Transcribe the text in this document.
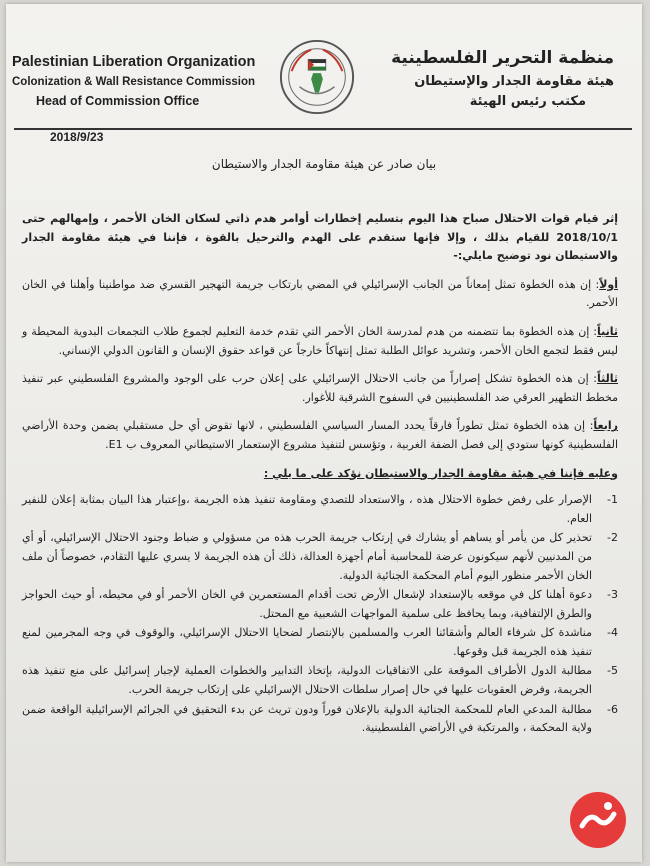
Palestinian Liberation Organization
Colonization & Wall Resistance Commission
Head of Commission Office
منظمة التحرير الفلسطينية
هيئة مقاومة الجدار والإستيطان
مكتب رئيس الهيئة
2018/9/23
بيان صادر عن هيئة مقاومة الجدار والاستيطان

إثر قيام قوات الاحتلال صباح هذا اليوم بتسليم إخطارات أوامر هدم ذاتي لسكان الخان الأحمر ، وإمهالهم حتى 2018/10/1 للقيام بذلك ، وإلا فإنها ستقدم على الهدم والترحيل بالقوة ، فإننا في هيئة مقاومة الجدار والاستيطان نود توضيح مايلي:-

أولاً: إن هذه الخطوة تمثل إمعاناً من الجانب الإسرائيلي في المضي بارتكاب جريمة التهجير القسري ضد مواطنينا وأهلنا في الخان الأحمر.

ثانياً: إن هذه الخطوة بما تتضمنه من هدم لمدرسة الخان الأحمر التي تقدم خدمة التعليم لجموع طلاب التجمعات البدوية المحيطة و ليس فقط لتجمع الخان الأحمر، وتشريد عوائل الطلبة تمثل إنتهاكاً خارجاً عن قواعد حقوق الإنسان و القانون الدولي الإنساني.

ثالثاً: إن هذه الخطوة تشكل إصراراً من جانب الاحتلال الإسرائيلي على إعلان حرب على الوجود والمشروع الفلسطيني عبر تنفيذ مخطط التطهير العرقي ضد الفلسطينيين في السفوح الشرقية للأغوار.

رابعاً: إن هذه الخطوة تمثل تطوراً فارقاً يحدد المسار السياسي الفلسطيني ، لانها تقوض أي حل مستقبلي يضمن وحدة الأراضي الفلسطينية كونها ستودي إلى فصل الضفة الغربية ، وتؤسس لتنفيذ مشروع الإستعمار الاستيطاني المعروف ب E1.

وعليه فإننا في هيئة مقاومة الجدار والاستيطان نؤكد على ما يلي :
1-
الإصرار على رفض خطوة الاحتلال هذه ، والاستعداد للتصدي ومقاومة تنفيذ هذه الجريمة ،وإعتبار هذا البيان بمثابة إعلان للنفير العام.
2-
تحذير كل من يأمر أو يساهم أو يشارك في إرتكاب جريمة الحرب هذه من مسؤولي و ضباط وجنود الاحتلال الإسرائيلي، أو أي من المدنيين لأنهم سيكونون عرضة للمحاسبة أمام أجهزة العدالة، ذلك أن هذه الجريمة لا يسري عليها التقادم، خصوصاً أن ملف الخان الأحمر منظور اليوم أمام المحكمة الجنائية الدولية.
3-
دعوة أهلنا كل في موقعه بالإستعداد لإشعال الأرض تحت أقدام المستعمرين في الخان الأحمر أو في محيطه، أو حيث الحواجز والطرق الإلتفافية، وبما يحافظ على سلمية المواجهات الشعبية مع المحتل.
4-
مناشدة كل شرفاء العالم وأشقائنا العرب والمسلمين بالإنتصار لضحايا الاحتلال الإسرائيلي، والوقوف في وجه المجرمين لمنع تنفيذ هذه الجريمة قبل وقوعها.
5-
مطالبة الدول الأطراف الموقعة على الاتفاقيات الدولية، بإتخاذ التدابير والخطوات العملية لإجبار إسرائيل على منع تنفيذ هذه الجريمة، وفرض العقوبات عليها في حال إصرار سلطات الاحتلال الإسرائيلي على إرتكاب جريمة الحرب.
6-
مطالبة المدعي العام للمحكمة الجنائية الدولية بالإعلان فوراً ودون تريث عن بدء التحقيق في الجرائم الإسرائيلية الواقعة ضمن ولاية المحكمة ، والمرتكبة في الأراضي الفلسطينية.
